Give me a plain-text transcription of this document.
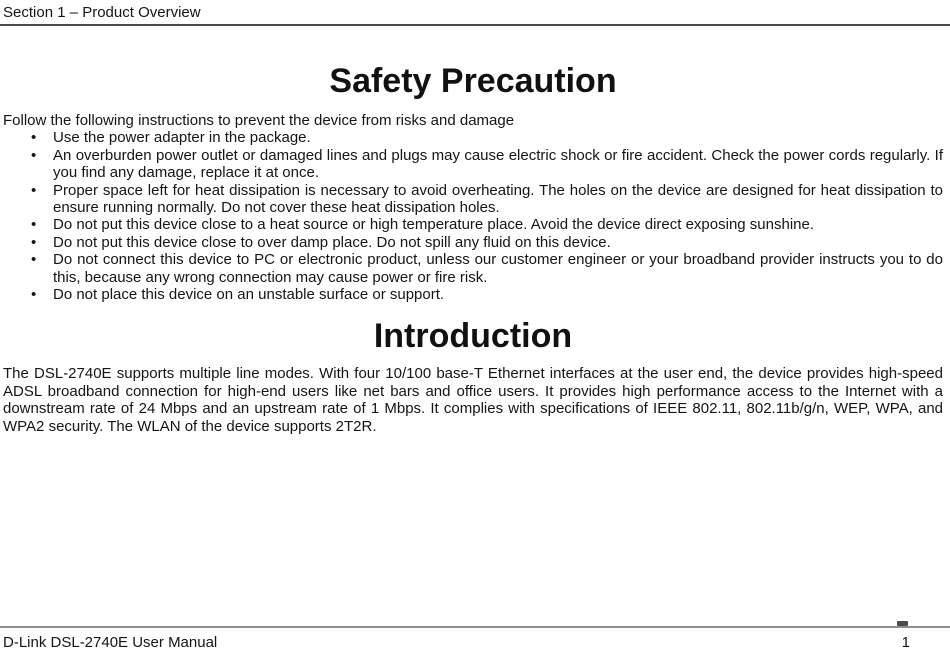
Section 1 – Product Overview
Safety Precaution

Follow the following instructions to prevent the device from risks and damage

• Use the power adapter in the package.
• An overburden power outlet or damaged lines and plugs may cause electric shock or fire accident. Check the power cords regularly. If you find any damage, replace it at once.
• Proper space left for heat dissipation is necessary to avoid overheating. The holes on the device are designed for heat dissipation to ensure running normally. Do not cover these heat dissipation holes.
• Do not put this device close to a heat source or high temperature place. Avoid the device direct exposing sunshine.
• Do not put this device close to over damp place. Do not spill any fluid on this device.
• Do not connect this device to PC or electronic product, unless our customer engineer or your broadband provider instructs you to do this, because any wrong connection may cause power or fire risk.
• Do not place this device on an unstable surface or support.
Introduction

The DSL-2740E supports multiple line modes. With four 10/100 base-T Ethernet interfaces at the user end, the device provides high-speed ADSL broadband connection for high-end users like net bars and office users. It provides high performance access to the Internet with a downstream rate of 24 Mbps and an upstream rate of 1 Mbps. It complies with specifications of IEEE 802.11, 802.11b/g/n, WEP, WPA, and WPA2 security. The WLAN of the device supports 2T2R.

D-Link DSL-2740E User Manual	1
